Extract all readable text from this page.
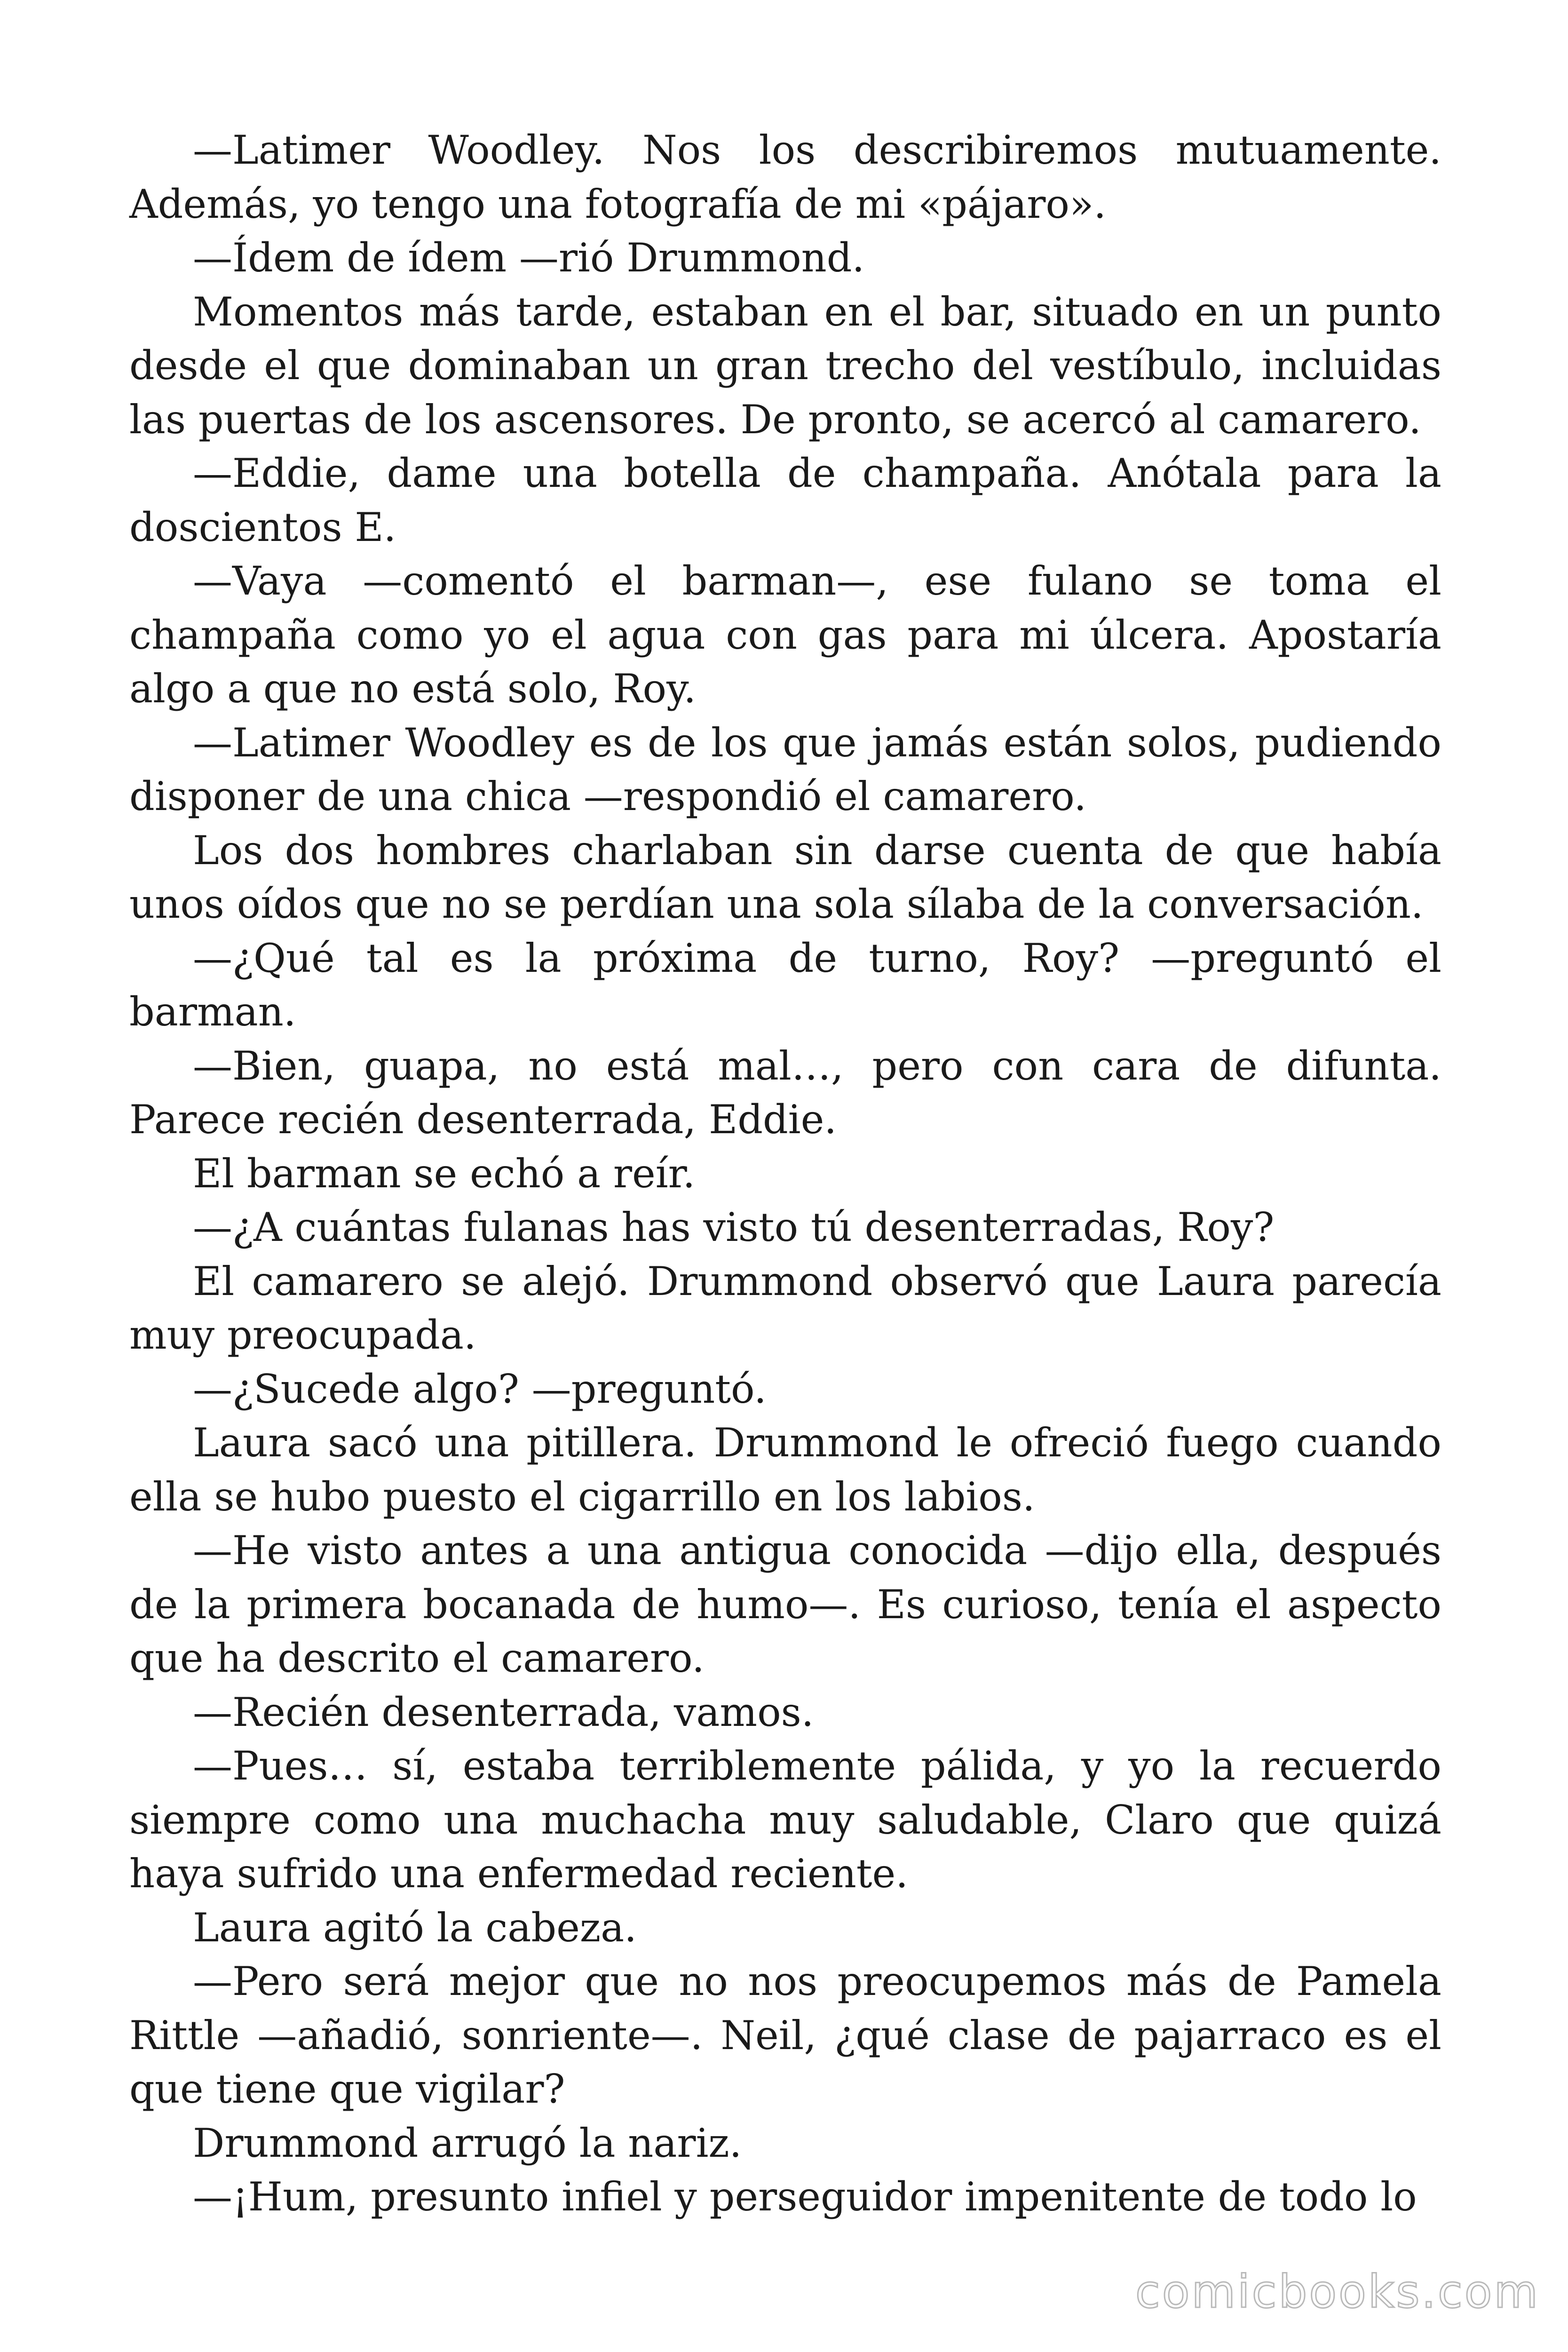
—Latimer Woodley. Nos los describiremos mutuamente. Además, yo tengo una fotografía de mi «pájaro».

—Ídem de ídem —rió Drummond.

Momentos más tarde, estaban en el bar, situado en un punto desde el que dominaban un gran trecho del vestíbulo, incluidas las puertas de los ascensores. De pronto, se acercó al camarero.

—Eddie, dame una botella de champaña. Anótala para la doscientos E.

—Vaya —comentó el barman—, ese fulano se toma el champaña como yo el agua con gas para mi úlcera. Apostaría algo a que no está solo, Roy.

—Latimer Woodley es de los que jamás están solos, pudiendo disponer de una chica —respondió el camarero.

Los dos hombres charlaban sin darse cuenta de que había unos oídos que no se perdían una sola sílaba de la conversación.

—¿Qué tal es la próxima de turno, Roy? —preguntó el barman.

—Bien, guapa, no está mal…, pero con cara de difunta. Parece recién desenterrada, Eddie.

El barman se echó a reír.

—¿A cuántas fulanas has visto tú desenterradas, Roy?

El camarero se alejó. Drummond observó que Laura parecía muy preocupada.

—¿Sucede algo? —preguntó.

Laura sacó una pitillera. Drummond le ofreció fuego cuando ella se hubo puesto el cigarrillo en los labios.

—He visto antes a una antigua conocida —dijo ella, después de la primera bocanada de humo—. Es curioso, tenía el aspecto que ha descrito el camarero.

—Recién desenterrada, vamos.

—Pues… sí, estaba terriblemente pálida, y yo la recuerdo siempre como una muchacha muy saludable, Claro que quizá haya sufrido una enfermedad reciente.

Laura agitó la cabeza.

—Pero será mejor que no nos preocupemos más de Pamela Rittle —añadió, sonriente—. Neil, ¿qué clase de pajarraco es el que tiene que vigilar?

Drummond arrugó la nariz.

—¡Hum, presunto infiel y perseguidor impenitente de todo lo

comicbooks.com
